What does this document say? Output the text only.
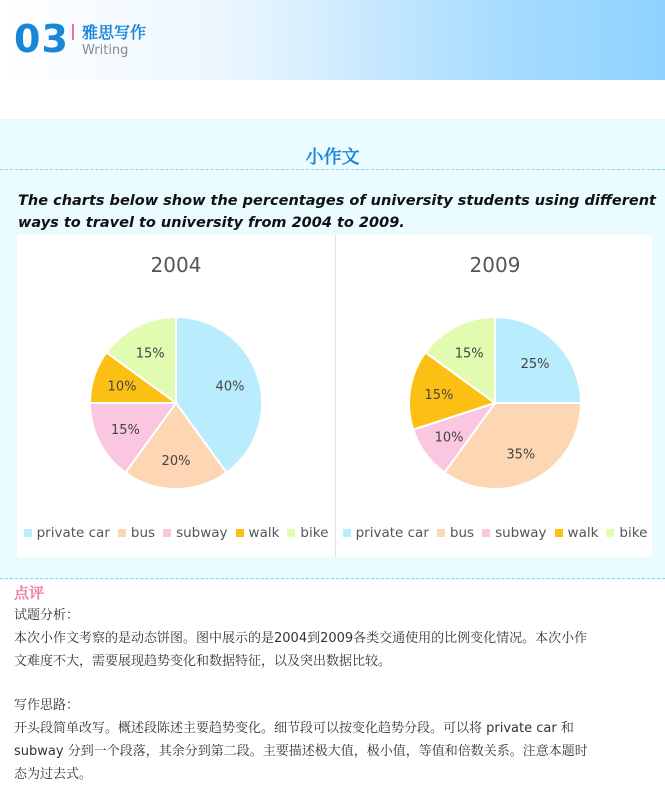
03 雅思写作
Writing
小作文
The charts below show the percentages of university students using different ways to travel to university from 2004 to 2009.
2004
40%
20%
15%
10%
15%
private car bus subway walk bike
2009
25%
35%
10%
15%
15%
private car bus subway walk bike
点评
试题分析：
本次小作文考察的是动态饼图。图中展示的是2004到2009各类交通使用的比例变化情况。本次小作
文难度不大，需要展现趋势变化和数据特征，以及突出数据比较。
写作思路：
开头段简单改写。概述段陈述主要趋势变化。细节段可以按变化趋势分段。可以将 private car 和
subway 分到一个段落，其余分到第二段。主要描述极大值，极小值，等值和倍数关系。注意本题时
态为过去式。
